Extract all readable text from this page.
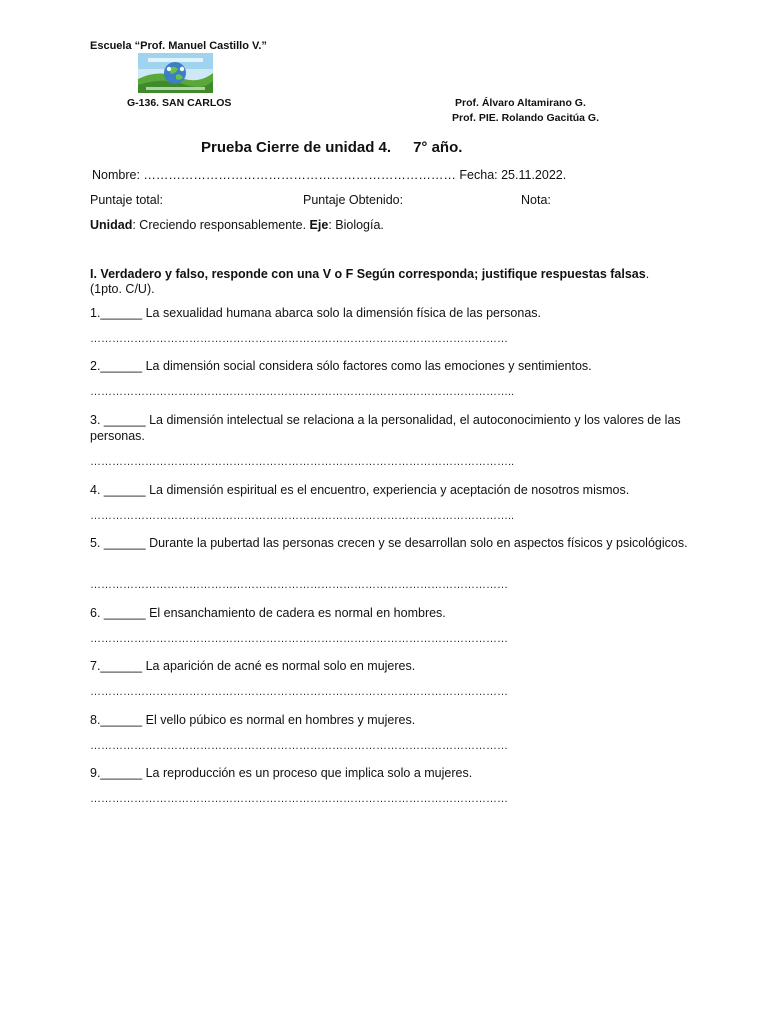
Escuela “Prof. Manuel Castillo V.”
G-136. SAN CARLOS	Prof. Álvaro Altamirano G.
Prof. PIE. Rolando Gacitúa G.
Prueba Cierre de unidad 4. 7° año.
Nombre: ………………………………………………………………… Fecha: 25.11.2022.
Puntaje total:	Puntaje Obtenido:	Nota:
Unidad: Creciendo responsablemente. Eje: Biología.
I. Verdadero y falso, responde con una V o F Según corresponda; justifique respuestas falsas. (1pto. C/U).
1.______ La sexualidad humana abarca solo la dimensión física de las personas.
……………………………………………………………………………………………………
2.______ La dimensión social considera sólo factores como las emociones y sentimientos.
……………………………………………………………………………………………………..
3. ______ La dimensión intelectual se relaciona a la personalidad, el autoconocimiento y los valores de las personas.
……………………………………………………………………………………………………..
4. ______ La dimensión espiritual es el encuentro, experiencia y aceptación de nosotros mismos.
……………………………………………………………………………………………………..
5. ______ Durante la pubertad las personas crecen y se desarrollan solo en aspectos físicos y psicológicos.
……………………………………………………………………………………………………
6. ______ El ensanchamiento de cadera es normal en hombres.
……………………………………………………………………………………………………
7.______ La aparición de acné es normal solo en mujeres.
……………………………………………………………………………………………………
8.______ El vello púbico es normal en hombres y mujeres.
……………………………………………………………………………………………………
9.______ La reproducción es un proceso que implica solo a mujeres.
……………………………………………………………………………………………………
